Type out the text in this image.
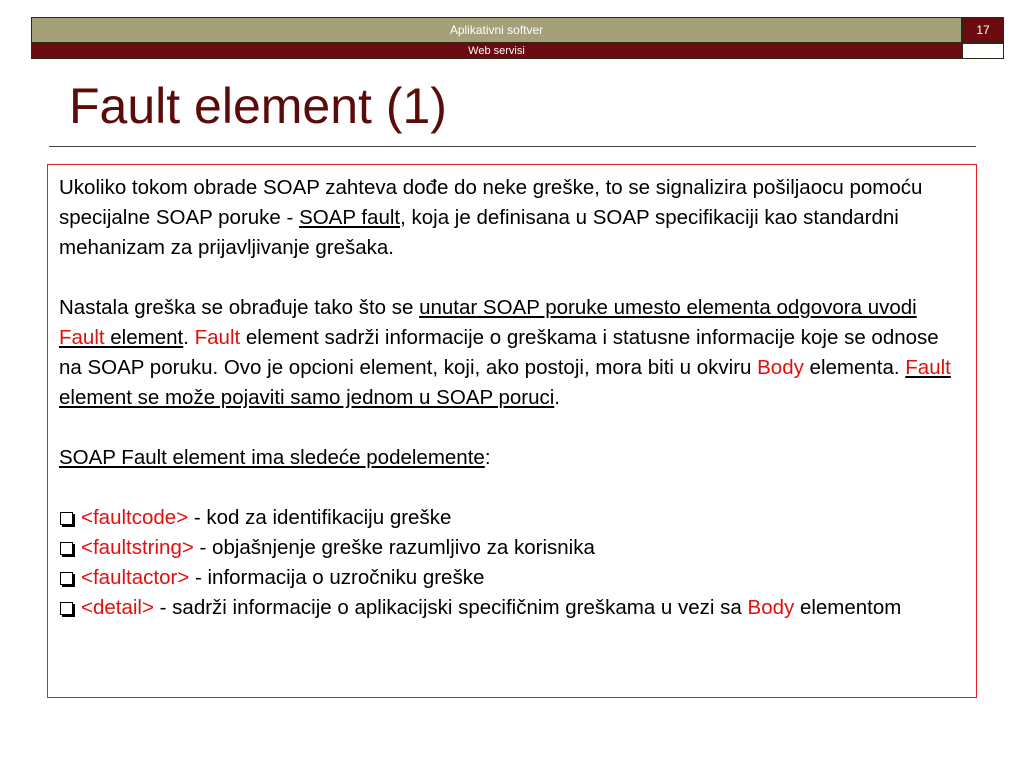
Aplikativni softver	17
Web servisi
Fault element (1)

Ukoliko tokom obrade SOAP zahteva dođe do neke greške, to se signalizira pošiljaocu pomoću specijalne SOAP poruke - SOAP fault, koja je definisana u SOAP specifikaciji kao standardni mehanizam za prijavljivanje grešaka.

Nastala greška se obrađuje tako što se unutar SOAP poruke umesto elementa odgovora uvodi Fault element. Fault element sadrži informacije o greškama i statusne informacije koje se odnose na SOAP poruku. Ovo je opcioni element, koji, ako postoji, mora biti u okviru Body elementa. Fault element se može pojaviti samo jednom u SOAP poruci.

SOAP Fault element ima sledeće podelemente:

<faultcode> - kod za identifikaciju greške

<faultstring> - objašnjenje greške razumljivo za korisnika

<faultactor> - informacija o uzročniku greške

<detail> - sadrži informacije o aplikacijski specifičnim greškama u vezi sa Body elementom
